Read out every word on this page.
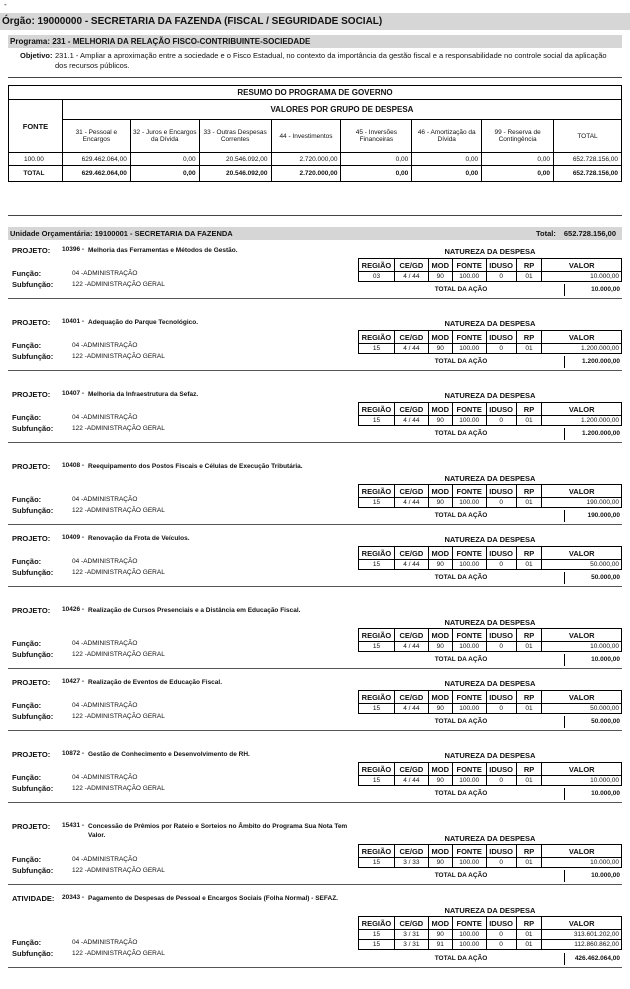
-
Órgão: 19000000 - SECRETARIA DA FAZENDA (FISCAL / SEGURIDADE SOCIAL)
Programa: 231 - MELHORIA DA RELAÇÃO FISCO-CONTRIBUINTE-SOCIEDADE
Objetivo: 231.1 - Ampliar a aproximação entre a sociedade e o Fisco Estadual, no contexto da importância da gestão fiscal e a responsabilidade no controle social da aplicação dos recursos públicos.
RESUMO DO PROGRAMA DE GOVERNO								
FONTE	VALORES POR GRUPO DE DESPESA							
	31 - Pessoal e Encargos	32 - Juros e Encargos da Dívida	33 - Outras Despesas Correntes	44 - Investimentos	45 - Inversões Financeiras	46 - Amortização da Dívida	99 - Reserva de Contingência	TOTAL
100.00	629.462.064,00	0,00	20.546.092,00	2.720.000,00	0,00	0,00	0,00	652.728.156,00
TOTAL	629.462.064,00	0,00	20.546.092,00	2.720.000,00	0,00	0,00	0,00	652.728.156,00
Unidade Orçamentária: 19100001 - SECRETARIA DA FAZENDA	Total: 652.728.156,00
PROJETO: 10396 - Melhoria das Ferramentas e Métodos de Gestão.	NATUREZA DA DESPESA
REGIÃO	CE/GD	MOD	FONTE	IDUSO	RP	VALOR
03	4 / 44	90	100.00	0	01	10.000,00
TOTAL DA AÇÃO	10.000,00
Função:	04 -ADMINISTRAÇÃO
Subfunção:	122 -ADMINISTRAÇÃO GERAL
PROJETO: 10401 - Adequação do Parque Tecnológico.	NATUREZA DA DESPESA
REGIÃO	CE/GD	MOD	FONTE	IDUSO	RP	VALOR
15	4 / 44	90	100.00	0	01	1.200.000,00
TOTAL DA AÇÃO	1.200.000,00
Função:	04 -ADMINISTRAÇÃO
Subfunção:	122 -ADMINISTRAÇÃO GERAL
PROJETO: 10407 - Melhoria da Infraestrutura da Sefaz.	NATUREZA DA DESPESA
REGIÃO	CE/GD	MOD	FONTE	IDUSO	RP	VALOR
15	4 / 44	90	100.00	0	01	1.200.000,00
TOTAL DA AÇÃO	1.200.000,00
Função:	04 -ADMINISTRAÇÃO
Subfunção:	122 -ADMINISTRAÇÃO GERAL
PROJETO: 10408 - Reequipamento dos Postos Fiscais e Células de Execução Tributária.
NATUREZA DA DESPESA
REGIÃO	CE/GD	MOD	FONTE	IDUSO	RP	VALOR
15	4 / 44	90	100.00	0	01	190.000,00
TOTAL DA AÇÃO	190.000,00
Função:	04 -ADMINISTRAÇÃO
Subfunção:	122 -ADMINISTRAÇÃO GERAL
PROJETO: 10409 - Renovação da Frota de Veículos.	NATUREZA DA DESPESA
REGIÃO	CE/GD	MOD	FONTE	IDUSO	RP	VALOR
15	4 / 44	90	100.00	0	01	50.000,00
TOTAL DA AÇÃO	50.000,00
Função:	04 -ADMINISTRAÇÃO
Subfunção:	122 -ADMINISTRAÇÃO GERAL
PROJETO: 10426 - Realização de Cursos Presenciais e a Distância em Educação Fiscal.
NATUREZA DA DESPESA
REGIÃO	CE/GD	MOD	FONTE	IDUSO	RP	VALOR
15	4 / 44	90	100.00	0	01	10.000,00
TOTAL DA AÇÃO	10.000,00
Função:	04 -ADMINISTRAÇÃO
Subfunção:	122 -ADMINISTRAÇÃO GERAL
PROJETO: 10427 - Realização de Eventos de Educação Fiscal.	NATUREZA DA DESPESA
REGIÃO	CE/GD	MOD	FONTE	IDUSO	RP	VALOR
15	4 / 44	90	100.00	0	01	50.000,00
TOTAL DA AÇÃO	50.000,00
Função:	04 -ADMINISTRAÇÃO
Subfunção:	122 -ADMINISTRAÇÃO GERAL
PROJETO: 10872 - Gestão de Conhecimento e Desenvolvimento de RH.	NATUREZA DA DESPESA
REGIÃO	CE/GD	MOD	FONTE	IDUSO	RP	VALOR
15	4 / 44	90	100.00	0	01	10.000,00
TOTAL DA AÇÃO	10.000,00
Função:	04 -ADMINISTRAÇÃO
Subfunção:	122 -ADMINISTRAÇÃO GERAL
PROJETO: 15431 - Concessão de Prêmios por Rateio e Sorteios no Âmbito do Programa Sua Nota Tem Valor.	NATUREZA DA DESPESA
REGIÃO	CE/GD	MOD	FONTE	IDUSO	RP	VALOR
15	3 / 33	90	100.00	0	01	10.000,00
TOTAL DA AÇÃO	10.000,00
Função:	04 -ADMINISTRAÇÃO
Subfunção:	122 -ADMINISTRAÇÃO GERAL
ATIVIDADE: 20343 - Pagamento de Despesas de Pessoal e Encargos Sociais (Folha Normal) - SEFAZ.
NATUREZA DA DESPESA
REGIÃO	CE/GD	MOD	FONTE	IDUSO	RP	VALOR
15	3 / 31	90	100.00	0	01	313.601.202,00
15	3 / 31	91	100.00	0	01	112.860.862,00
TOTAL DA AÇÃO	426.462.064,00
Função:	04 -ADMINISTRAÇÃO
Subfunção:	122 -ADMINISTRAÇÃO GERAL
